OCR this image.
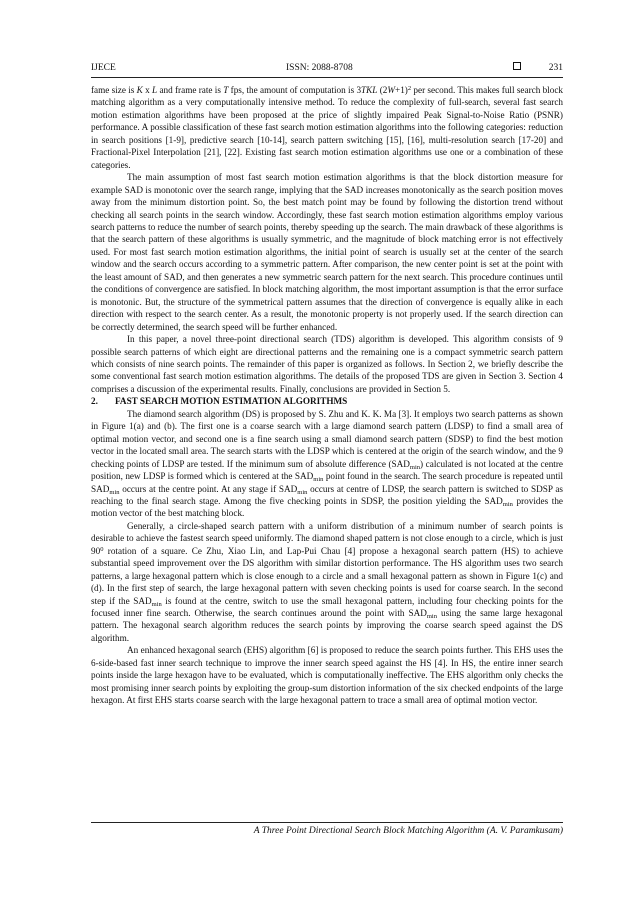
IJECE	ISSN: 2088-8708	231

fame size is K x L and frame rate is T fps, the amount of computation is 3TKL $(2W+1)^2$ per second. This makes full search block matching algorithm as a very computationally intensive method. To reduce the complexity of full-search, several fast search motion estimation algorithms have been proposed at the price of slightly impaired Peak Signal-to-Noise Ratio (PSNR) performance. A possible classification of these fast search motion estimation algorithms into the following categories: reduction in search positions [1-9], predictive search [10-14], search pattern switching [15], [16], multi-resolution search [17-20] and Fractional-Pixel Interpolation [21], [22]. Existing fast search motion estimation algorithms use one or a combination of these categories.

The main assumption of most fast search motion estimation algorithms is that the block distortion measure for example SAD is monotonic over the search range, implying that the SAD increases monotonically as the search position moves away from the minimum distortion point. So, the best match point may be found by following the distortion trend without checking all search points in the search window. Accordingly, these fast search motion estimation algorithms employ various search patterns to reduce the number of search points, thereby speeding up the search. The main drawback of these algorithms is that the search pattern of these algorithms is usually symmetric, and the magnitude of block matching error is not effectively used. For most fast search motion estimation algorithms, the initial point of search is usually set at the center of the search window and the search occurs according to a symmetric pattern. After comparison, the new center point is set at the point with the least amount of SAD, and then generates a new symmetric search pattern for the next search. This procedure continues until the conditions of convergence are satisfied. In block matching algorithm, the most important assumption is that the error surface is monotonic. But, the structure of the symmetrical pattern assumes that the direction of convergence is equally alike in each direction with respect to the search center. As a result, the monotonic property is not properly used. If the search direction can be correctly determined, the search speed will be further enhanced.

In this paper, a novel three-point directional search (TDS) algorithm is developed. This algorithm consists of 9 possible search patterns of which eight are directional patterns and the remaining one is a compact symmetric search pattern which consists of nine search points. The remainder of this paper is organized as follows. In Section 2, we briefly describe the some conventional fast search motion estimation algorithms. The details of the proposed TDS are given in Section 3. Section 4 comprises a discussion of the experimental results. Finally, conclusions are provided in Section 5.

2. FAST SEARCH MOTION ESTIMATION ALGORITHMS

The diamond search algorithm (DS) is proposed by S. Zhu and K. K. Ma [3]. It employs two search patterns as shown in Figure 1(a) and (b). The first one is a coarse search with a large diamond search pattern (LDSP) to find a small area of optimal motion vector, and second one is a fine search using a small diamond search pattern (SDSP) to find the best motion vector in the located small area. The search starts with the LDSP which is centered at the origin of the search window, and the 9 checking points of LDSP are tested. If the minimum sum of absolute difference $(SAD_{min})$ calculated is not located at the centre position, new LDSP is formed which is centered at the $SAD_{min}$ point found in the search. The search procedure is repeated until $SAD_{min}$ occurs at the centre point. At any stage if $SAD_{min}$ occurs at centre of LDSP, the search pattern is switched to SDSP as reaching to the final search stage. Among the five checking points in SDSP, the position yielding the $SAD_{min}$ provides the motion vector of the best matching block.

Generally, a circle-shaped search pattern with a uniform distribution of a minimum number of search points is desirable to achieve the fastest search speed uniformly. The diamond shaped pattern is not close enough to a circle, which is just $90^0$ rotation of a square. Ce Zhu, Xiao Lin, and Lap-Pui Chau [4] propose a hexagonal search pattern (HS) to achieve substantial speed improvement over the DS algorithm with similar distortion performance. The HS algorithm uses two search patterns, a large hexagonal pattern which is close enough to a circle and a small hexagonal pattern as shown in Figure 1(c) and (d). In the first step of search, the large hexagonal pattern with seven checking points is used for coarse search. In the second step if the $SAD_{min}$ is found at the centre, switch to use the small hexagonal pattern, including four checking points for the focused inner fine search. Otherwise, the search continues around the point with $SAD_{min}$ using the same large hexagonal pattern. The hexagonal search algorithm reduces the search points by improving the coarse search speed against the DS algorithm.

An enhanced hexagonal search (EHS) algorithm [6] is proposed to reduce the search points further. This EHS uses the 6-side-based fast inner search technique to improve the inner search speed against the HS [4]. In HS, the entire inner search points inside the large hexagon have to be evaluated, which is computationally ineffective. The EHS algorithm only checks the most promising inner search points by exploiting the group-sum distortion information of the six checked endpoints of the large hexagon. At first EHS starts coarse search with the large hexagonal pattern to trace a small area of optimal motion vector.

A Three Point Directional Search Block Matching Algorithm (A. V. Paramkusam)
